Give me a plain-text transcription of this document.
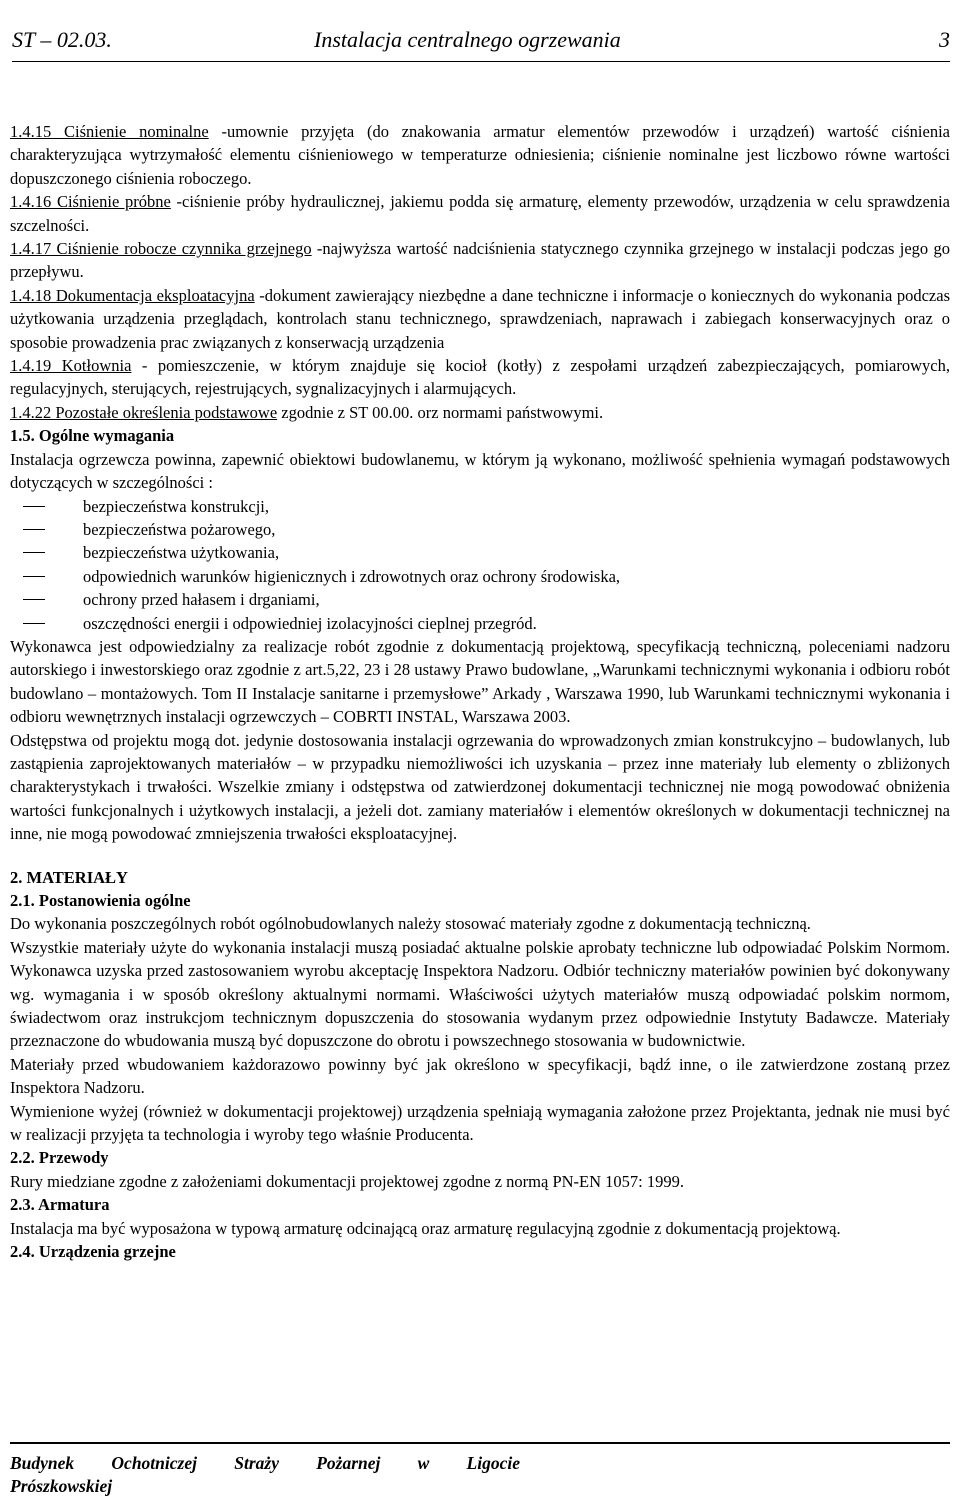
ST – 02.03.	Instalacja centralnego ogrzewania	3

1.4.15 Ciśnienie nominalne -umownie przyjęta (do znakowania armatur elementów przewodów i urządzeń) wartość ciśnienia charakteryzująca wytrzymałość elementu ciśnieniowego w temperaturze odniesienia; ciśnienie nominalne jest liczbowo równe wartości dopuszczonego ciśnienia roboczego.

1.4.16 Ciśnienie próbne -ciśnienie próby hydraulicznej, jakiemu podda się armaturę, elementy przewodów, urządzenia w celu sprawdzenia szczelności.

1.4.17 Ciśnienie robocze czynnika grzejnego -najwyższa wartość nadciśnienia statycznego czynnika grzejnego w instalacji podczas jego go przepływu.

1.4.18 Dokumentacja eksploatacyjna -dokument zawierający niezbędne a dane techniczne i informacje o koniecznych do wykonania podczas użytkowania urządzenia przeglądach, kontrolach stanu technicznego, sprawdzeniach, naprawach i zabiegach konserwacyjnych oraz o sposobie prowadzenia prac związanych z konserwacją urządzenia

1.4.19 Kotłownia - pomieszczenie, w którym znajduje się kocioł (kotły) z zespołami urządzeń zabezpieczających, pomiarowych, regulacyjnych, sterujących, rejestrujących, sygnalizacyjnych i alarmujących.

1.4.22 Pozostałe określenia podstawowe zgodnie z ST 00.00. orz normami państwowymi.

1.5. Ogólne wymagania

Instalacja ogrzewcza powinna, zapewnić obiektowi budowlanemu, w którym ją wykonano, możliwość spełnienia wymagań podstawowych dotyczących w szczególności :

bezpieczeństwa konstrukcji,
bezpieczeństwa pożarowego,
bezpieczeństwa użytkowania,
odpowiednich warunków higienicznych i zdrowotnych oraz ochrony środowiska,
ochrony przed hałasem i drganiami,
oszczędności energii i odpowiedniej izolacyjności cieplnej przegród.

Wykonawca jest odpowiedzialny za realizacje robót zgodnie z dokumentacją projektową, specyfikacją techniczną, poleceniami nadzoru autorskiego i inwestorskiego oraz zgodnie z art.5,22, 23 i 28 ustawy Prawo budowlane, „Warunkami technicznymi wykonania i odbioru robót budowlano – montażowych. Tom II Instalacje sanitarne i przemysłowe” Arkady , Warszawa 1990, lub Warunkami technicznymi wykonania i odbioru wewnętrznych instalacji ogrzewczych – COBRTI INSTAL, Warszawa 2003.

Odstępstwa od projektu mogą dot. jedynie dostosowania instalacji ogrzewania do wprowadzonych zmian konstrukcyjno – budowlanych, lub zastąpienia zaprojektowanych materiałów – w przypadku niemożliwości ich uzyskania – przez inne materiały lub elementy o zbliżonych charakterystykach i trwałości. Wszelkie zmiany i odstępstwa od zatwierdzonej dokumentacji technicznej nie mogą powodować obniżenia wartości funkcjonalnych i użytkowych instalacji, a jeżeli dot. zamiany materiałów i elementów określonych w dokumentacji technicznej na inne, nie mogą powodować zmniejszenia trwałości eksploatacyjnej.

2. MATERIAŁY

2.1. Postanowienia ogólne

Do wykonania poszczególnych robót ogólnobudowlanych należy stosować materiały zgodne z dokumentacją techniczną.

Wszystkie materiały użyte do wykonania instalacji muszą posiadać aktualne polskie aprobaty techniczne lub odpowiadać Polskim Normom. Wykonawca uzyska przed zastosowaniem wyrobu akceptację Inspektora Nadzoru. Odbiór techniczny materiałów powinien być dokonywany wg. wymagania i w sposób określony aktualnymi normami. Właściwości użytych materiałów muszą odpowiadać polskim normom, świadectwom oraz instrukcjom technicznym dopuszczenia do stosowania wydanym przez odpowiednie Instytuty Badawcze. Materiały przeznaczone do wbudowania muszą być dopuszczone do obrotu i powszechnego stosowania w budownictwie.

Materiały przed wbudowaniem każdorazowo powinny być jak określono w specyfikacji, bądź inne, o ile zatwierdzone zostaną przez Inspektora Nadzoru.

Wymienione wyżej (również w dokumentacji projektowej) urządzenia spełniają wymagania założone przez Projektanta, jednak nie musi być w realizacji przyjęta ta technologia i wyroby tego właśnie Producenta.

2.2. Przewody

Rury miedziane zgodne z założeniami dokumentacji projektowej zgodne z normą PN-EN 1057: 1999.

2.3. Armatura

Instalacja ma być wyposażona w typową armaturę odcinającą oraz armaturę regulacyjną zgodnie z dokumentacją projektową.

2.4. Urządzenia grzejne

Budynek Ochotniczej Straży Pożarnej w Ligocie
Prószkowskiej
